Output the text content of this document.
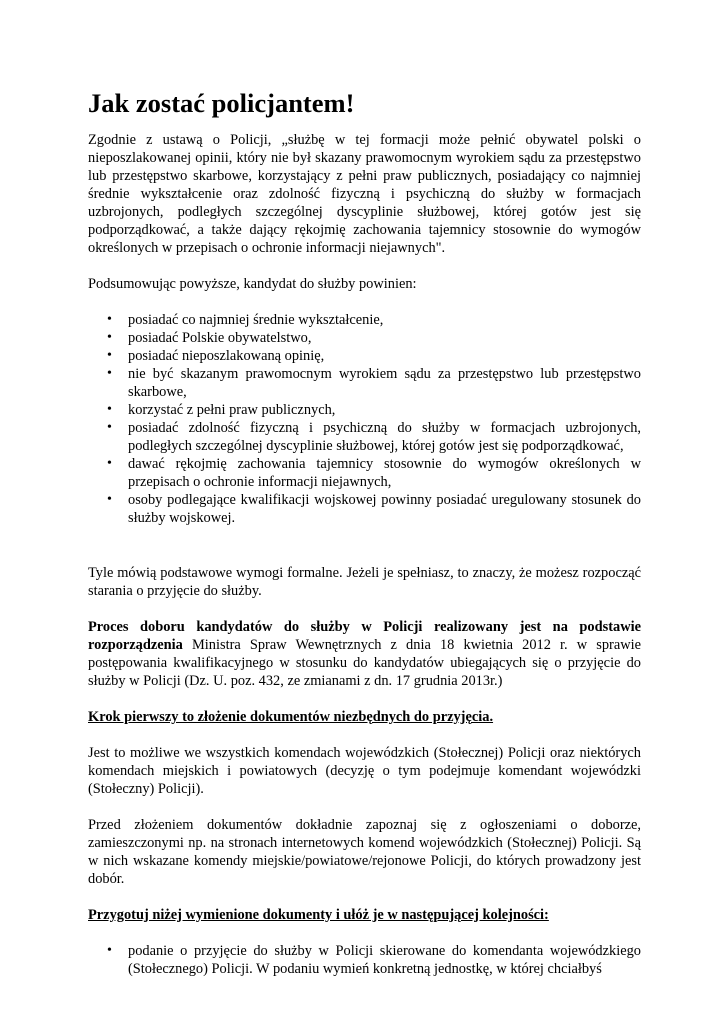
Jak zostać policjantem!

Zgodnie z ustawą o Policji, „służbę w tej formacji może pełnić obywatel polski o nieposzlakowanej opinii, który nie był skazany prawomocnym wyrokiem sądu za przestępstwo lub przestępstwo skarbowe, korzystający z pełni praw publicznych, posiadający co najmniej średnie wykształcenie oraz zdolność fizyczną i psychiczną do służby w formacjach uzbrojonych, podległych szczególnej dyscyplinie służbowej, której gotów jest się podporządkować, a także dający rękojmię zachowania tajemnicy stosownie do wymogów określonych w przepisach o ochronie informacji niejawnych".

Podsumowując powyższe, kandydat do służby powinien:

• posiadać co najmniej średnie wykształcenie,
• posiadać Polskie obywatelstwo,
• posiadać nieposzlakowaną opinię,
• nie być skazanym prawomocnym wyrokiem sądu za przestępstwo lub przestępstwo skarbowe,
• korzystać z pełni praw publicznych,
• posiadać zdolność fizyczną i psychiczną do służby w formacjach uzbrojonych, podległych szczególnej dyscyplinie służbowej, której gotów jest się podporządkować,
• dawać rękojmię zachowania tajemnicy stosownie do wymogów określonych w przepisach o ochronie informacji niejawnych,
• osoby podlegające kwalifikacji wojskowej powinny posiadać uregulowany stosunek do służby wojskowej.

Tyle mówią podstawowe wymogi formalne. Jeżeli je spełniasz, to znaczy, że możesz rozpocząć starania o przyjęcie do służby.

Proces doboru kandydatów do służby w Policji realizowany jest na podstawie rozporządzenia Ministra Spraw Wewnętrznych z dnia 18 kwietnia 2012 r. w sprawie postępowania kwalifikacyjnego w stosunku do kandydatów ubiegających się o przyjęcie do służby w Policji (Dz. U. poz. 432, ze zmianami z dn. 17 grudnia 2013r.)

Krok pierwszy to złożenie dokumentów niezbędnych do przyjęcia.

Jest to możliwe we wszystkich komendach wojewódzkich (Stołecznej) Policji oraz niektórych komendach miejskich i powiatowych (decyzję o tym podejmuje komendant wojewódzki (Stołeczny) Policji).

Przed złożeniem dokumentów dokładnie zapoznaj się z ogłoszeniami o doborze, zamieszczonymi np. na stronach internetowych komend wojewódzkich (Stołecznej) Policji. Są w nich wskazane komendy miejskie/powiatowe/rejonowe Policji, do których prowadzony jest dobór.

Przygotuj niżej wymienione dokumenty i ułóż je w następującej kolejności:

• podanie o przyjęcie do służby w Policji skierowane do komendanta wojewódzkiego (Stołecznego) Policji. W podaniu wymień konkretną jednostkę, w której chciałbyś
